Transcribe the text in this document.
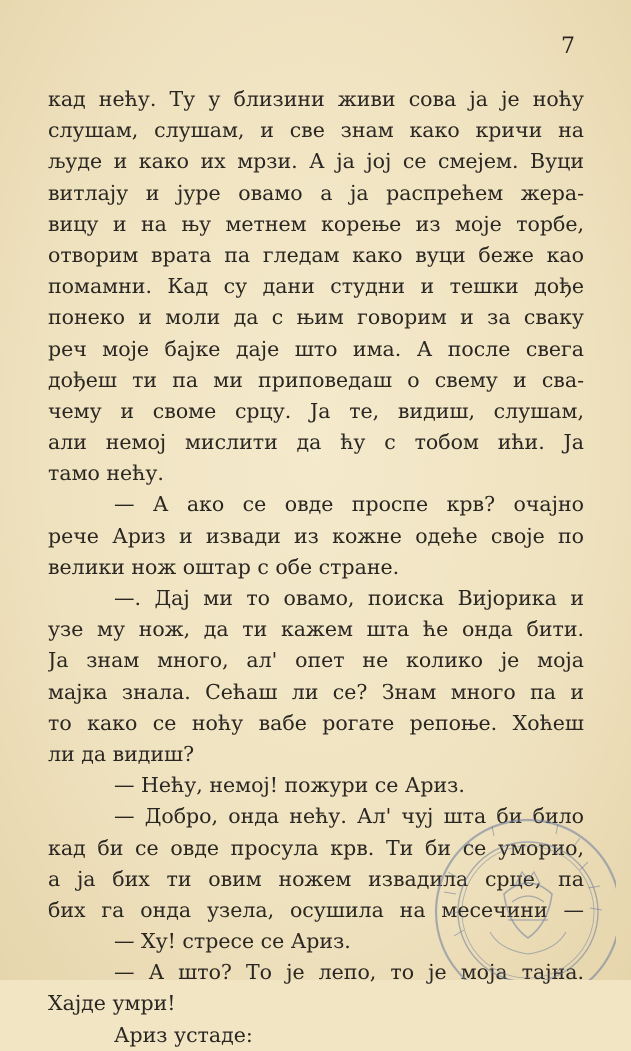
7
кад нећу. Ту у близини живи сова ја је ноћу
слушам, слушам, и све знам како кричи на
људе и како их мрзи. А ја јој се смејем. Вуци
витлају и јуре овамо а ја распрећем жера-
вицу и на њу метнем корење из моје торбе,
отворим врата па гледам како вуци беже као
помамни. Кад су дани студни и тешки дође
понеко и моли да с њим говорим и за сваку
реч моје бајке даје што има. А после свега
дођеш ти па ми приповедаш о свему и сва-
чему и своме срцу. Ја те, видиш, слушам,
али немој мислити да ћу с тобом ићи. Ја
тамо нећу.
— А ако се овде проспе крв? очајно
рече Ариз и извади из кожне одеће своје по
велики нож оштар с обе стране.
—. Дај ми то овамо, поиска Вијорика и
узе му нож, да ти кажем шта ће онда бити.
Ја знам много, ал' опет не колико је моја
мајка знала. Сећаш ли се? Знам много па и
то како се ноћу вабе рогате репоње. Хоћеш
ли да видиш?
— Нећу, немој! пожури се Ариз.
— Добро, онда нећу. Ал' чуј шта би било
кад би се овде просула крв. Ти би се уморио,
а ја бих ти овим ножем извадила срце, па
бих га онда узела, осушила на месечини —
— Ху! стресе се Ариз.
— А што? То је лепо, то је моја тајна.
Хајде умри!
Ариз устаде:
